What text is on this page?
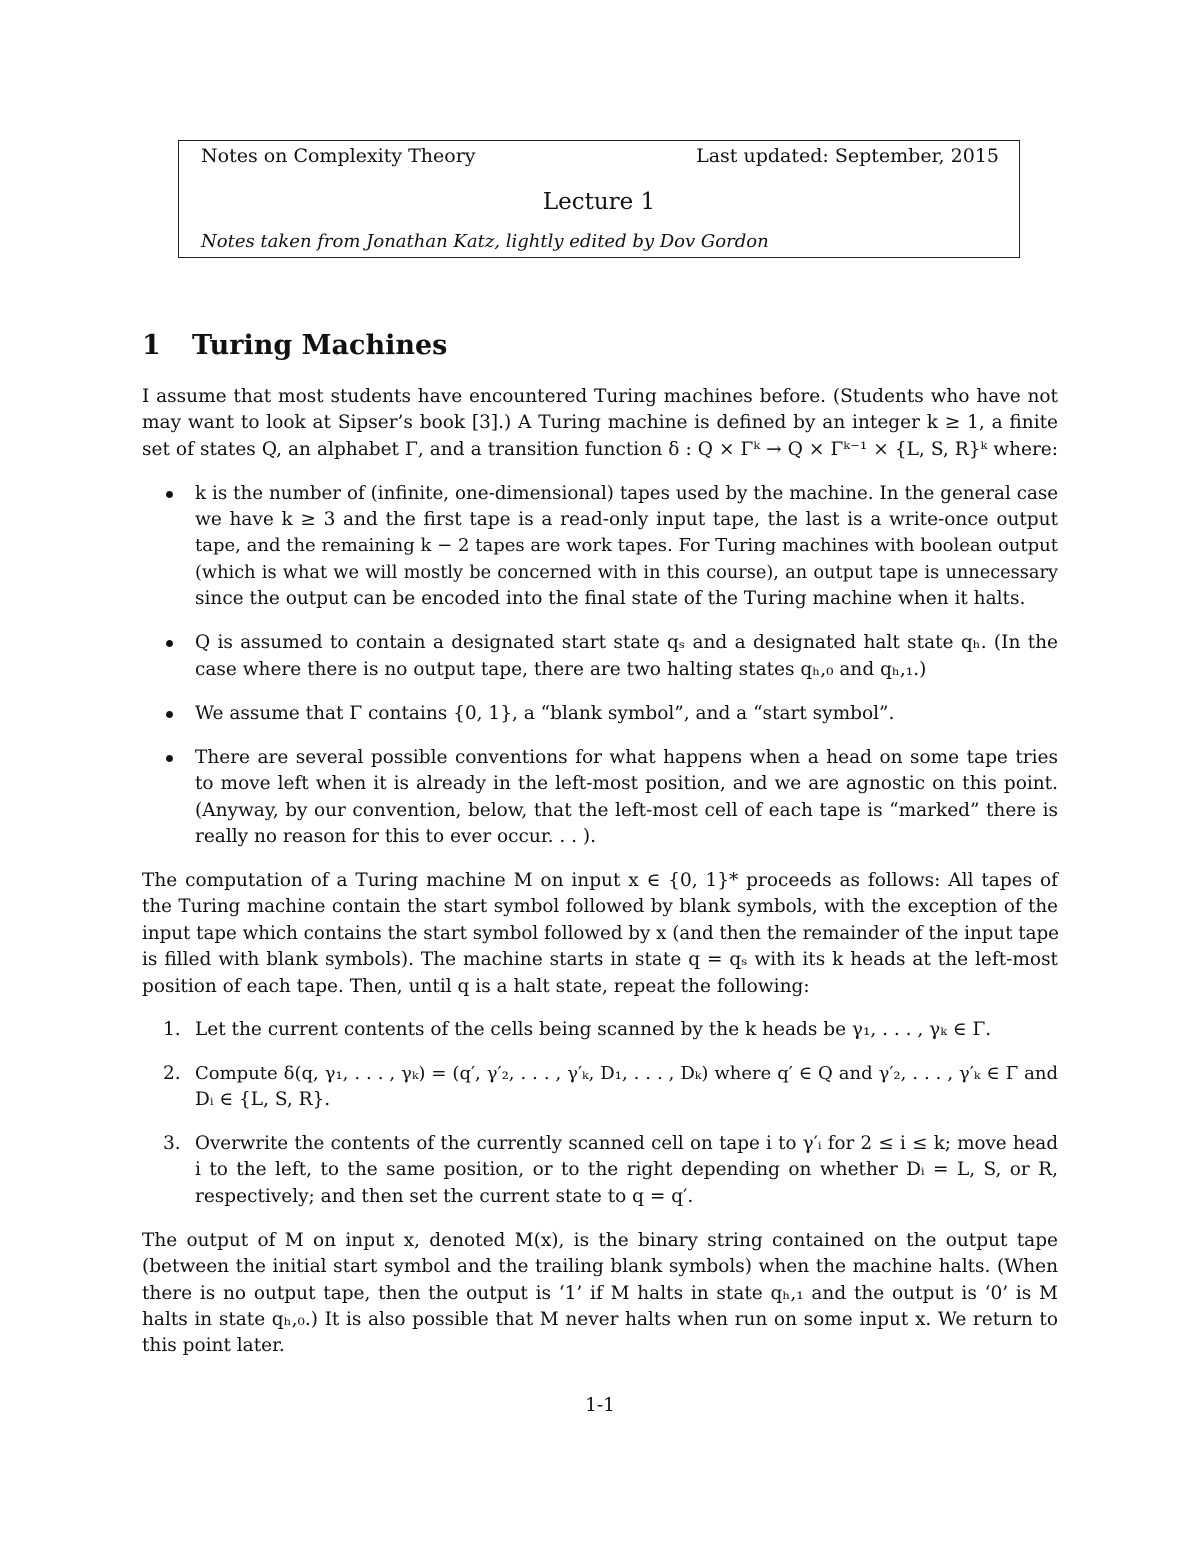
Notes on Complexity Theory	Last updated: September, 2015
Lecture 1
Notes taken from Jonathan Katz, lightly edited by Dov Gordon
1 Turing Machines
I assume that most students have encountered Turing machines before. (Students who have not
may want to look at Sipser’s book [3].) A Turing machine is defined by an integer k ≥ 1, a finite
set of states Q, an alphabet Γ, and a transition function δ : Q × Γᵏ → Q × Γᵏ⁻¹ × {L, S, R}ᵏ where:
k is the number of (infinite, one-dimensional) tapes used by the machine. In the general case
we have k ≥ 3 and the first tape is a read-only input tape, the last is a write-once output
tape, and the remaining k − 2 tapes are work tapes. For Turing machines with boolean output
(which is what we will mostly be concerned with in this course), an output tape is unnecessary
since the output can be encoded into the final state of the Turing machine when it halts.
Q is assumed to contain a designated start state qₛ and a designated halt state qₕ. (In the
case where there is no output tape, there are two halting states qₕ,₀ and qₕ,₁.)
We assume that Γ contains {0, 1}, a “blank symbol”, and a “start symbol”.
There are several possible conventions for what happens when a head on some tape tries
to move left when it is already in the left-most position, and we are agnostic on this point.
(Anyway, by our convention, below, that the left-most cell of each tape is “marked” there is
really no reason for this to ever occur. . . ).
The computation of a Turing machine M on input x ∈ {0, 1}* proceeds as follows: All tapes of
the Turing machine contain the start symbol followed by blank symbols, with the exception of the
input tape which contains the start symbol followed by x (and then the remainder of the input tape
is filled with blank symbols). The machine starts in state q = qₛ with its k heads at the left-most
position of each tape. Then, until q is a halt state, repeat the following:
1. Let the current contents of the cells being scanned by the k heads be γ₁, . . . , γₖ ∈ Γ.
2. Compute δ(q, γ₁, . . . , γₖ) = (q′, γ′₂, . . . , γ′ₖ, D₁, . . . , Dₖ) where q′ ∈ Q and γ′₂, . . . , γ′ₖ ∈ Γ and
Dᵢ ∈ {L, S, R}.
3. Overwrite the contents of the currently scanned cell on tape i to γ′ᵢ for 2 ≤ i ≤ k; move head
i to the left, to the same position, or to the right depending on whether Dᵢ = L, S, or R,
respectively; and then set the current state to q = q′.
The output of M on input x, denoted M(x), is the binary string contained on the output tape
(between the initial start symbol and the trailing blank symbols) when the machine halts. (When
there is no output tape, then the output is ‘1’ if M halts in state qₕ,₁ and the output is ‘0’ is M
halts in state qₕ,₀.) It is also possible that M never halts when run on some input x. We return to
this point later.
1-1
